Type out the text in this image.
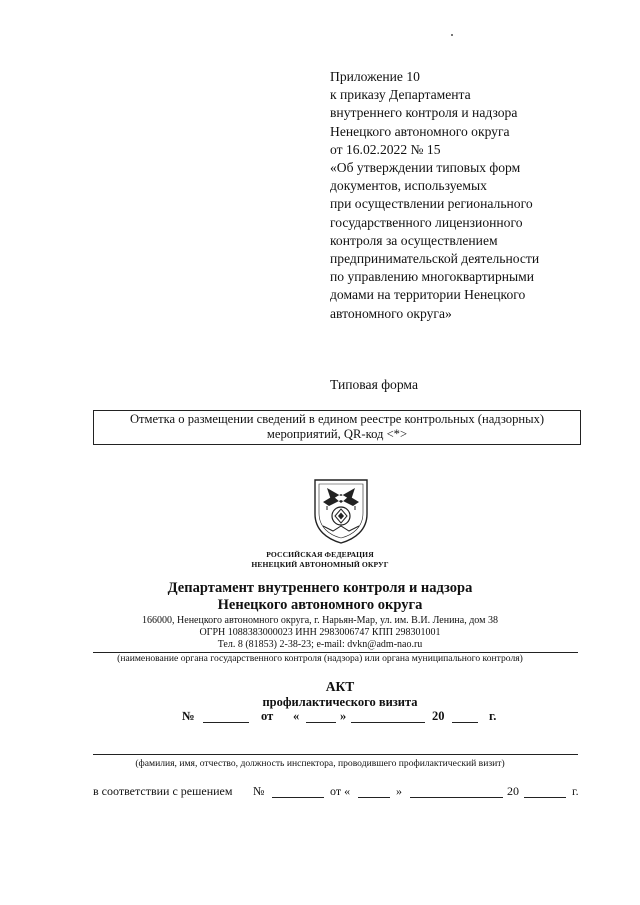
Приложение 10
к приказу Департамента
внутреннего контроля и надзора
Ненецкого автономного округа
от 16.02.2022 № 15
«Об утверждении типовых форм
документов, используемых
при осуществлении регионального
государственного лицензионного
контроля за осуществлением
предпринимательской деятельности
по управлению многоквартирными
домами на территории Ненецкого
автономного округа»
Типовая форма
Отметка о размещении сведений в едином реестре контрольных (надзорных)
мероприятий, QR-код <*>
РОССИЙСКАЯ ФЕДЕРАЦИЯ
НЕНЕЦКИЙ АВТОНОМНЫЙ ОКРУГ
Департамент внутреннего контроля и надзора
Ненецкого автономного округа
166000, Ненецкого автономного округа, г. Нарьян-Мар, ул. им. В.И. Ленина, дом 38
ОГРН 1088383000023 ИНН 2983006747 КПП 298301001
Тел. 8 (81853) 2-38-23; e-mail: dvkn@adm-nao.ru
(наименование органа государственного контроля (надзора) или органа муниципального контроля)
АКТ
профилактического визита
№	от «	»	20	г.
(фамилия, имя, отчество, должность инспектора, проводившего профилактический визит)
в соответствии с решением №	от «	»	20	г.
